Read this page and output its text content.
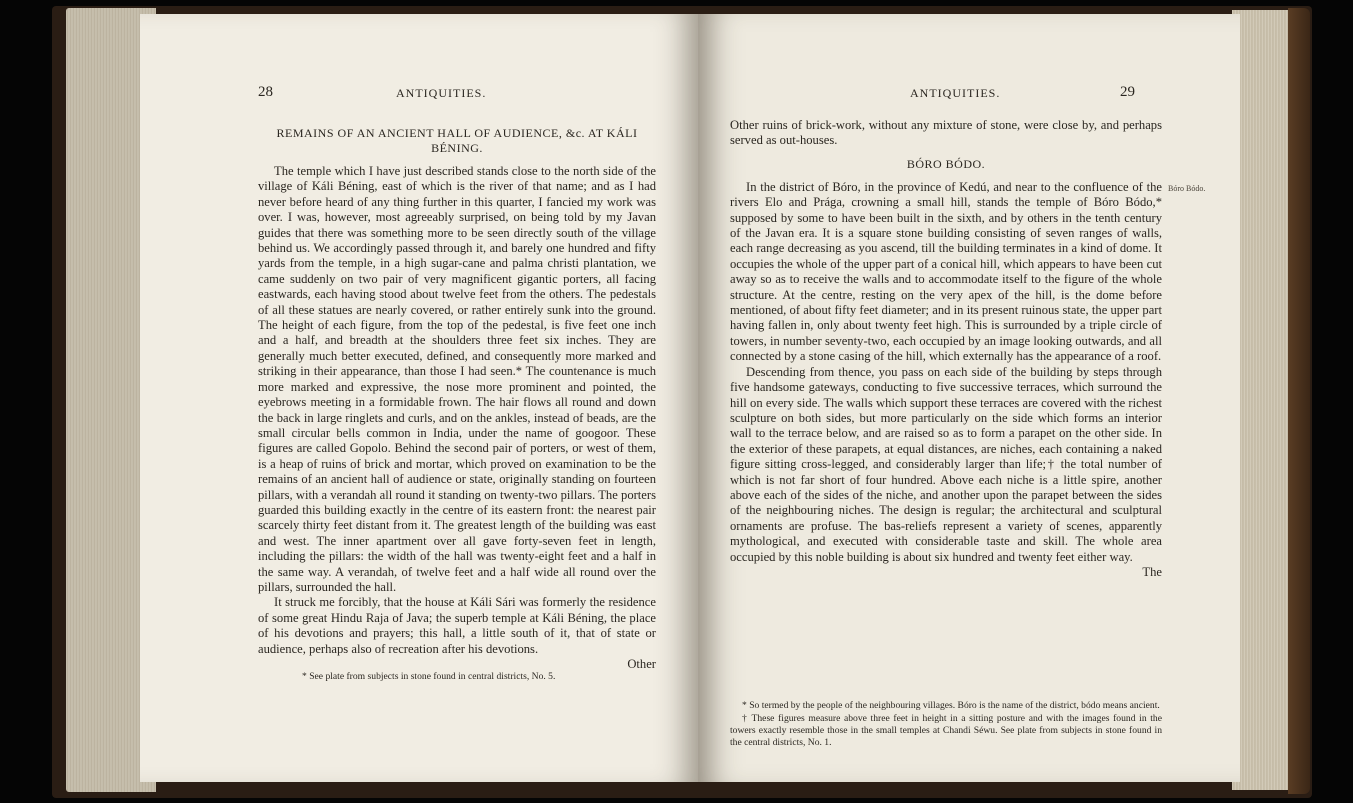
28	ANTIQUITIES.
REMAINS OF AN ANCIENT HALL OF AUDIENCE, &c. AT KÁLI BÉNING.

The temple which I have just described stands close to the north side of the village of Káli Béning, east of which is the river of that name; and as I had never before heard of any thing further in this quarter, I fancied my work was over. I was, however, most agreeably surprised, on being told by my Javan guides that there was something more to be seen directly south of the village behind us. We accordingly passed through it, and barely one hundred and fifty yards from the temple, in a high sugar-cane and palma christi plantation, we came suddenly on two pair of very magnificent gigantic porters, all facing eastwards, each having stood about twelve feet from the others. The pedestals of all these statues are nearly covered, or rather entirely sunk into the ground. The height of each figure, from the top of the pedestal, is five feet one inch and a half, and breadth at the shoulders three feet six inches. They are generally much better executed, defined, and consequently more marked and striking in their appearance, than those I had seen.* The countenance is much more marked and expressive, the nose more prominent and pointed, the eyebrows meeting in a formidable frown. The hair flows all round and down the back in large ringlets and curls, and on the ankles, instead of beads, are the small circular bells common in India, under the name of googoor. These figures are called Gopolo. Behind the second pair of porters, or west of them, is a heap of ruins of brick and mortar, which proved on examination to be the remains of an ancient hall of audience or state, originally standing on fourteen pillars, with a verandah all round it standing on twenty-two pillars. The porters guarded this building exactly in the centre of its eastern front: the nearest pair scarcely thirty feet distant from it. The greatest length of the building was east and west. The inner apartment over all gave forty-seven feet in length, including the pillars: the width of the hall was twenty-eight feet and a half in the same way. A verandah, of twelve feet and a half wide all round over the pillars, surrounded the hall.

It struck me forcibly, that the house at Káli Sári was formerly the residence of some great Hindu Raja of Java; the superb temple at Káli Béning, the place of his devotions and prayers; this hall, a little south of it, that of state or audience, perhaps also of recreation after his devotions.

Other

* See plate from subjects in stone found in central districts, No. 5.

ANTIQUITIES.	29
Bóro Bódo.

Other ruins of brick-work, without any mixture of stone, were close by, and perhaps served as out-houses.

BÓRO BÓDO.

In the district of Bóro, in the province of Kedú, and near to the confluence of the rivers Elo and Prága, crowning a small hill, stands the temple of Bóro Bódo,* supposed by some to have been built in the sixth, and by others in the tenth century of the Javan era. It is a square stone building consisting of seven ranges of walls, each range decreasing as you ascend, till the building terminates in a kind of dome. It occupies the whole of the upper part of a conical hill, which appears to have been cut away so as to receive the walls and to accommodate itself to the figure of the whole structure. At the centre, resting on the very apex of the hill, is the dome before mentioned, of about fifty feet diameter; and in its present ruinous state, the upper part having fallen in, only about twenty feet high. This is surrounded by a triple circle of towers, in number seventy-two, each occupied by an image looking outwards, and all connected by a stone casing of the hill, which externally has the appearance of a roof.

Descending from thence, you pass on each side of the building by steps through five handsome gateways, conducting to five successive terraces, which surround the hill on every side. The walls which support these terraces are covered with the richest sculpture on both sides, but more particularly on the side which forms an interior wall to the terrace below, and are raised so as to form a parapet on the other side. In the exterior of these parapets, at equal distances, are niches, each containing a naked figure sitting cross-legged, and considerably larger than life;† the total number of which is not far short of four hundred. Above each niche is a little spire, another above each of the sides of the niche, and another upon the parapet between the sides of the neighbouring niches. The design is regular; the architectural and sculptural ornaments are profuse. The bas-reliefs represent a variety of scenes, apparently mythological, and executed with considerable taste and skill. The whole area occupied by this noble building is about six hundred and twenty feet either way.

The

* So termed by the people of the neighbouring villages. Bóro is the name of the district, bódo means ancient.

† These figures measure above three feet in height in a sitting posture and with the images found in the towers exactly resemble those in the small temples at Chandi Séwu. See plate from subjects in stone found in the central districts, No. 1.
